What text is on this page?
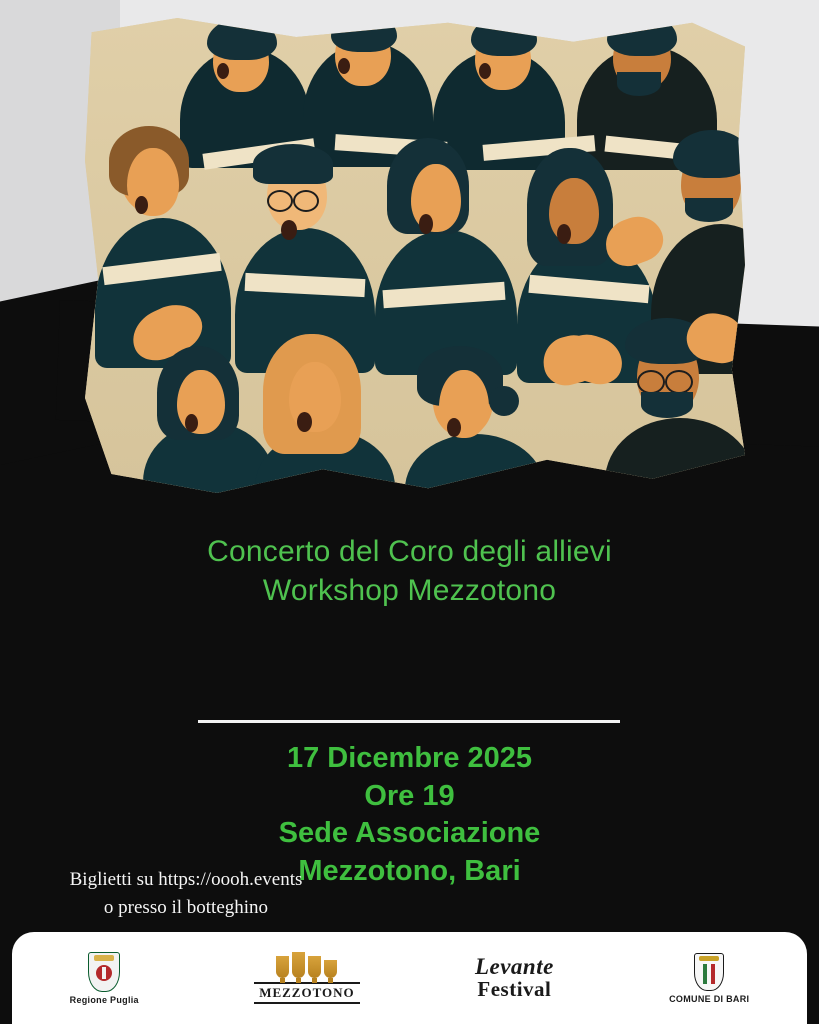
Concerto del Coro degli allievi
Workshop Mezzotono
17 Dicembre 2025
Ore 19
Sede Associazione
Mezzotono, Bari
Biglietti su https://oooh.events
o presso il botteghino
Regione Puglia	MEZZOTONO
Levante
Festival	COMUNE DI BARI
